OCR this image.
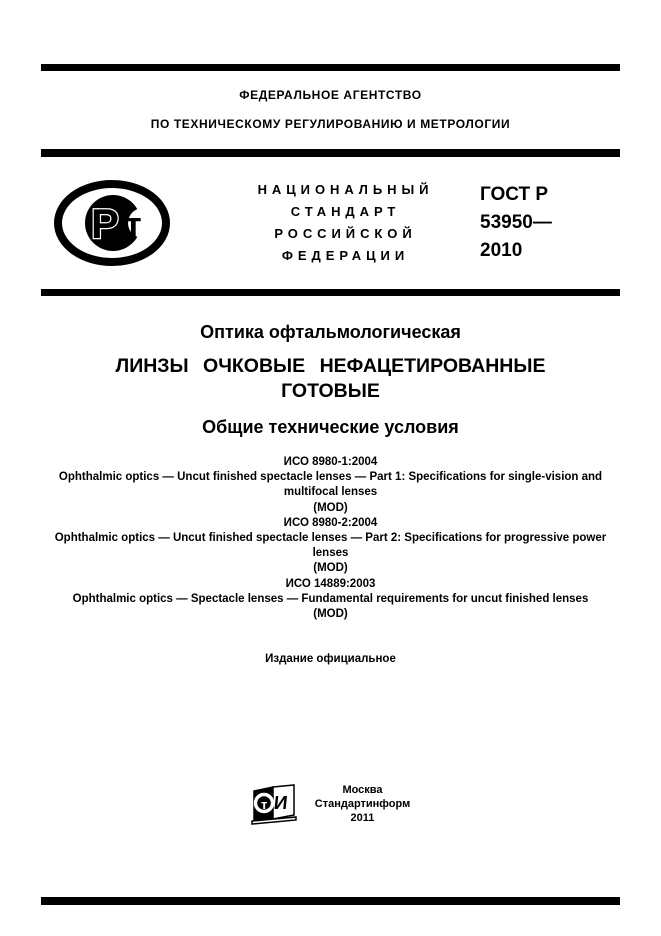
ФЕДЕРАЛЬНОЕ АГЕНТСТВО
ПО ТЕХНИЧЕСКОМУ РЕГУЛИРОВАНИЮ И МЕТРОЛОГИИ
Р т
НАЦИОНАЛЬНЫЙ
СТАНДАРТ
РОССИЙСКОЙ
ФЕДЕРАЦИИ
ГОСТ Р
53950—
2010
Оптика офтальмологическая
ЛИНЗЫ ОЧКОВЫЕ НЕФАЦЕТИРОВАННЫЕ
ГОТОВЫЕ
Общие технические условия
ИСО 8980-1:2004
Ophthalmic optics — Uncut finished spectacle lenses — Part 1: Specifications for single-vision and multifocal lenses
(MOD)
ИСО 8980-2:2004
Ophthalmic optics — Uncut finished spectacle lenses — Part 2: Specifications for progressive power lenses
(MOD)
ИСО 14889:2003
Ophthalmic optics — Spectacle lenses — Fundamental requirements for uncut finished lenses
(MOD)
Издание официальное
т И
Москва
Стандартинформ
2011
